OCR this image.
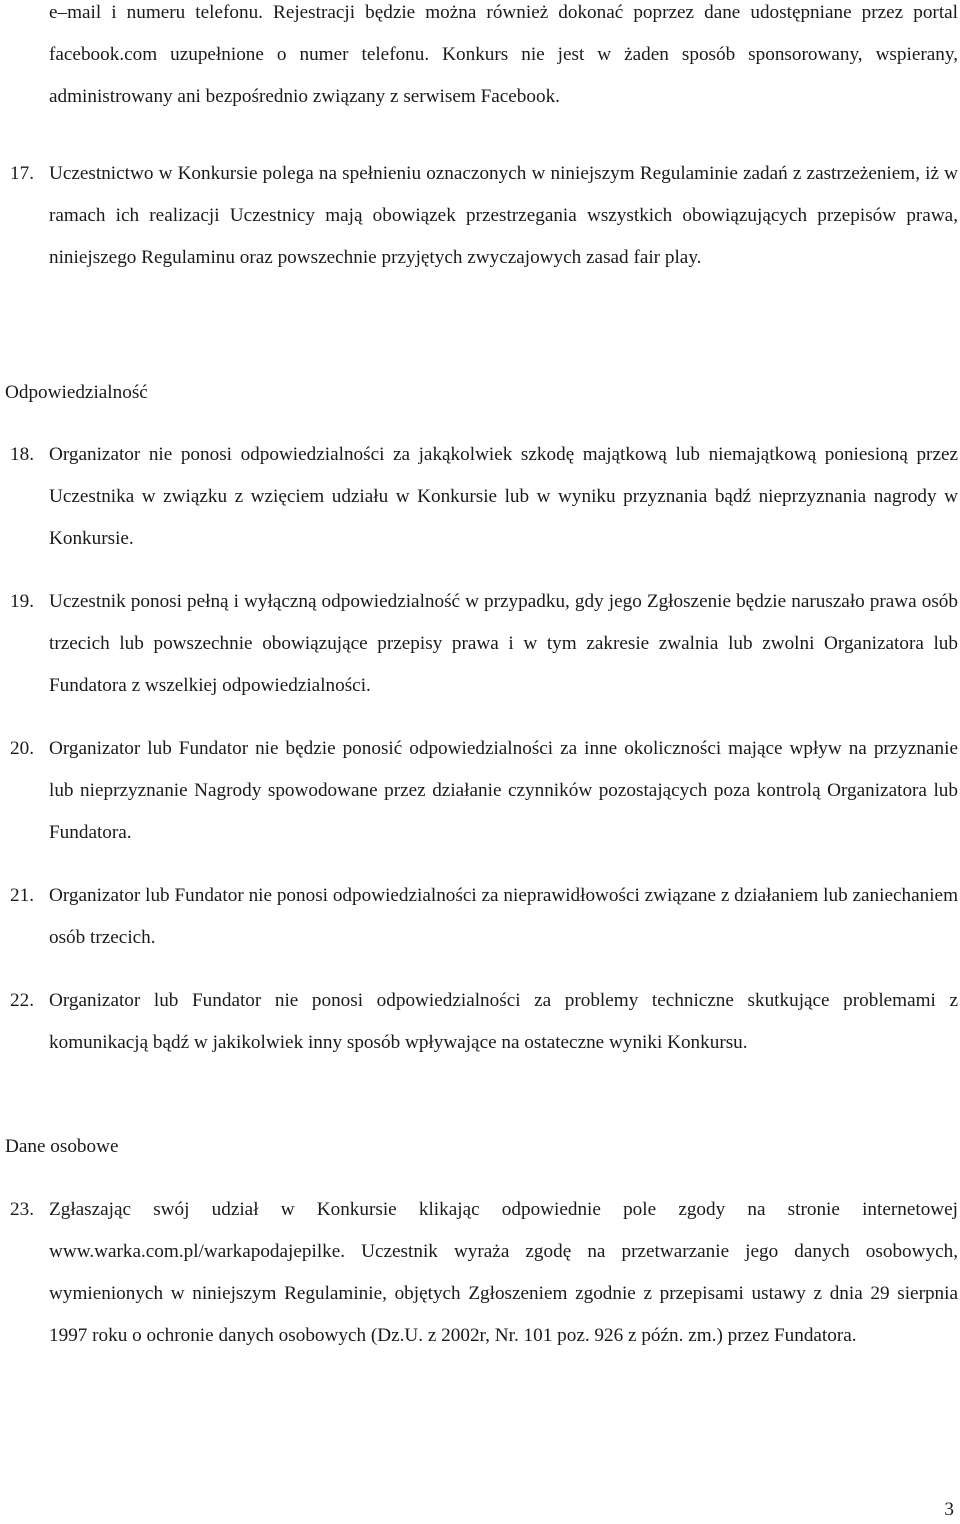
e–mail i numeru telefonu. Rejestracji będzie można również dokonać poprzez dane udostępniane przez portal facebook.com uzupełnione o numer telefonu. Konkurs nie jest w żaden sposób sponsorowany, wspierany, administrowany ani bezpośrednio związany z serwisem Facebook.

17. Uczestnictwo w Konkursie polega na spełnieniu oznaczonych w niniejszym Regulaminie zadań z zastrzeżeniem, iż w ramach ich realizacji Uczestnicy mają obowiązek przestrzegania wszystkich obowiązujących przepisów prawa, niniejszego Regulaminu oraz powszechnie przyjętych zwyczajowych zasad fair play.
Odpowiedzialność
18. Organizator nie ponosi odpowiedzialności za jakąkolwiek szkodę majątkową lub niemajątkową poniesioną przez Uczestnika w związku z wzięciem udziału w Konkursie lub w wyniku przyznania bądź nieprzyznania nagrody w Konkursie.
19. Uczestnik ponosi pełną i wyłączną odpowiedzialność w przypadku, gdy jego Zgłoszenie będzie naruszało prawa osób trzecich lub powszechnie obowiązujące przepisy prawa i w tym zakresie zwalnia lub zwolni Organizatora lub Fundatora z wszelkiej odpowiedzialności.
20. Organizator lub Fundator nie będzie ponosić odpowiedzialności za inne okoliczności mające wpływ na przyznanie lub nieprzyznanie Nagrody spowodowane przez działanie czynników pozostających poza kontrolą Organizatora lub Fundatora.
21. Organizator lub Fundator nie ponosi odpowiedzialności za nieprawidłowości związane z działaniem lub zaniechaniem osób trzecich.
22. Organizator lub Fundator nie ponosi odpowiedzialności za problemy techniczne skutkujące problemami z komunikacją bądź w jakikolwiek inny sposób wpływające na ostateczne wyniki Konkursu.
Dane osobowe
23. Zgłaszając swój udział w Konkursie klikając odpowiednie pole zgody na stronie internetowej www.warka.com.pl/warkapodajepilke. Uczestnik wyraża zgodę na przetwarzanie jego danych osobowych, wymienionych w niniejszym Regulaminie, objętych Zgłoszeniem zgodnie z przepisami ustawy z dnia 29 sierpnia 1997 roku o ochronie danych osobowych (Dz.U. z 2002r, Nr. 101 poz. 926 z późn. zm.) przez Fundatora.
3
